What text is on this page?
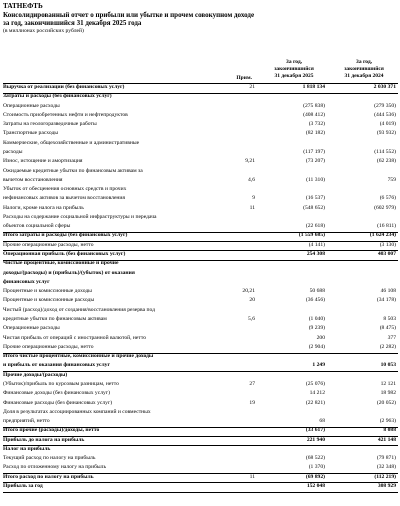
ТАТНЕФТЬ
Консолидированный отчет о прибыли или убытке и прочем совокупном доходе
за год, закончившийся 31 декабря 2025 года
(в миллионах российских рублей)
Прим.
За год,
закончившийся
31 декабря 2025
За год,
закончившийся
31 декабря 2024
Выручка от реализации (без финансовых услуг)	21	1 818 134	2 030 371
Затраты и расходы (без финансовых услуг)
Операционные расходы	(275 838)	(279 350)
Стоимость приобретенных нефти и нефтепродуктов	(408 412)	(444 536)
Затраты на геологоразведочные работы	(3 732)	(4 019)
Транспортные расходы	(82 182)	(93 932)
Коммерческие, общехозяйственные и административные
расходы	(117 197)	(114 552)
Износ, истощение и амортизация	9,21	(73 207)	(62 238)
Ожидаемые кредитные убытки по финансовым активам за
вычетом восстановления	4,6	(11 310)	759
Убыток от обесценения основных средств и прочих
нефинансовых активов за вычетом восстановления	9	(16 537)	(6 576)
Налоги, кроме налога на прибыль	11	(548 652)	(602 979)
Расходы на содержание социальной инфраструктуры и передача
объектов социальной сферы	(22 618)	(16 811)
Итого затраты и расходы (без финансовых услуг)	(1 559 685)	(1 624 234)
Прочие операционные расходы, нетто	(4 141)	(3 130)
Операционная прибыль (без финансовых услуг)	254 308	403 007
Чистые процентные, комиссионные и прочие
доходы/(расходы) и (прибыль)/(убыток) от оказания
финансовых услуг
Процентные и комиссионные доходы	20,21	50 688	46 108
Процентные и комиссионные расходы	20	(36 456)	(34 178)
Чистый (расход)/доход от создания/восстановления резерва под
кредитные убытки по финансовым активам	5,6	(1 040)	8 503
Операционные расходы	(9 239)	(8 475)
Чистая прибыль от операций с иностранной валютой, нетто	200	377
Прочие операционные расходы, нетто	(2 904)	(2 282)
Итого чистые процентные, комиссионные и прочие доходы
и прибыль от оказания финансовых услуг	1 249	10 053
Прочие доходы/(расходы)
(Убыток)/прибыль по курсовым разницам, нетто	27	(25 076)	12 121
Финансовые доходы (без финансовых услуг)	14 212	18 982
Финансовые расходы (без финансовых услуг)	19	(22 821)	(20 052)
Доля в результатах ассоциированных компаний и совместных
предприятий, нетто	68	(2 963)
Итого прочие (расходы)/доходы, нетто	(33 617)	8 088
Прибыль до налога на прибыль	221 940	421 148
Налог на прибыль
Текущий расход по налогу на прибыль	(68 522)	(79 871)
Расход по отложенному налогу на прибыль	(1 370)	(32 348)
Итого расход по налогу на прибыль	11	(69 892)	(112 219)
Прибыль за год	152 048	308 929
